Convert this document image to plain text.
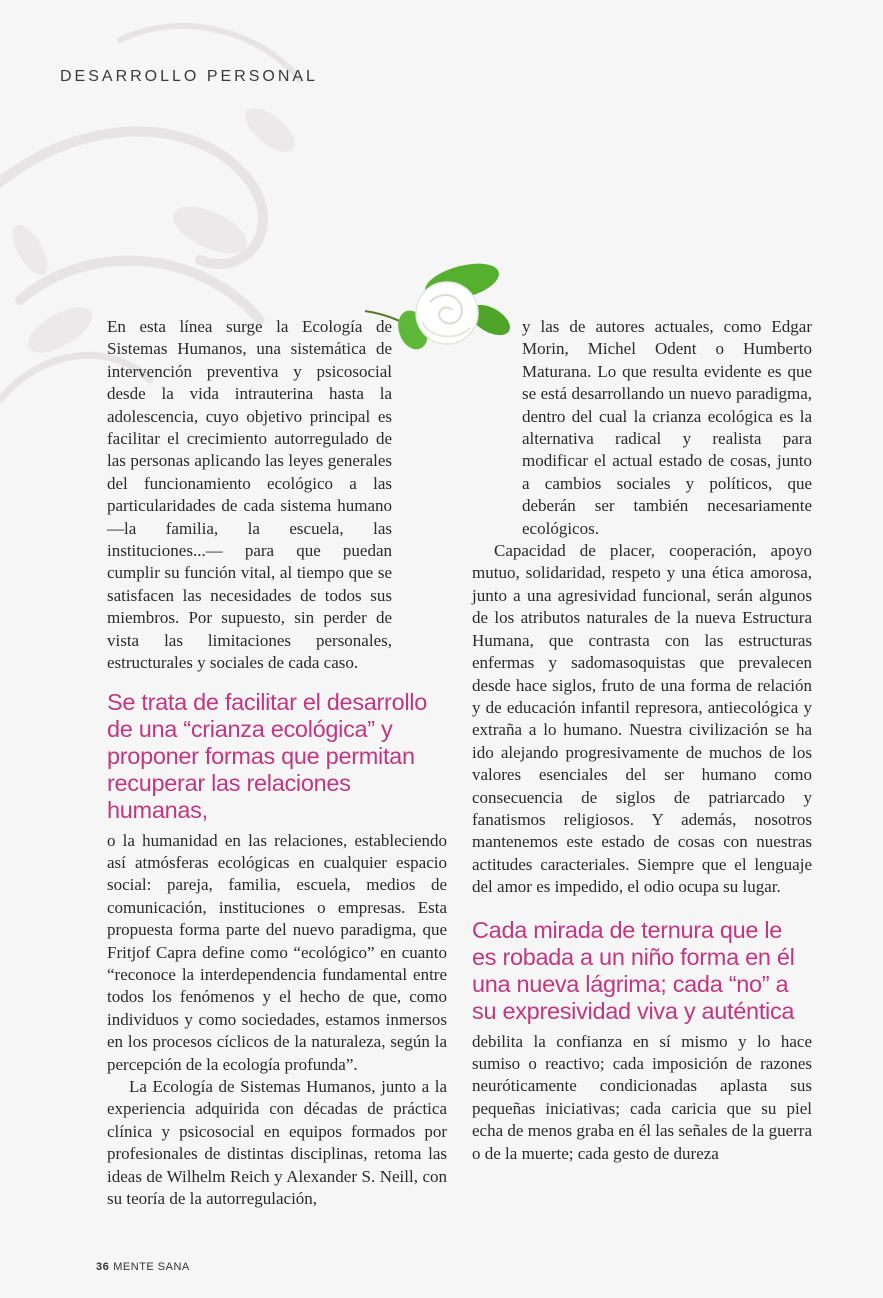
DESARROLLO PERSONAL

En esta línea surge la Ecología de Sistemas Humanos, una sistemática de intervención preventiva y psicosocial desde la vida intrauterina hasta la adolescencia, cuyo objetivo principal es facilitar el crecimiento autorregulado de las personas aplicando las leyes generales del funcionamiento ecológico a las particularidades de cada sistema humano —la familia, la escuela, las instituciones...— para que puedan cumplir su función vital, al tiempo que se satisfacen las necesidades de todos sus miembros. Por supuesto, sin perder de vista las limitaciones personales, estructurales y sociales de cada caso.

Se trata de facilitar el desarrollo de una “crianza ecológica” y proponer formas que permitan recuperar las relaciones humanas,

o la humanidad en las relaciones, estableciendo así atmósferas ecológicas en cualquier espacio social: pareja, familia, escuela, medios de comunicación, instituciones o empresas. Esta propuesta forma parte del nuevo paradigma, que Fritjof Capra define como “ecológico” en cuanto “reconoce la interdependencia fundamental entre todos los fenómenos y el hecho de que, como individuos y como sociedades, estamos inmersos en los procesos cíclicos de la naturaleza, según la percepción de la ecología profunda”.

La Ecología de Sistemas Humanos, junto a la experiencia adquirida con décadas de práctica clínica y psicosocial en equipos formados por profesionales de distintas disciplinas, retoma las ideas de Wilhelm Reich y Alexander S. Neill, con su teoría de la autorregulación,

y las de autores actuales, como Edgar Morin, Michel Odent o Humberto Maturana. Lo que resulta evidente es que se está desarrollando un nuevo paradigma, dentro del cual la crianza ecológica es la alternativa radical y realista para modificar el actual estado de cosas, junto a cambios sociales y políticos, que deberán ser también necesariamente ecológicos.

Capacidad de placer, cooperación, apoyo mutuo, solidaridad, respeto y una ética amorosa, junto a una agresividad funcional, serán algunos de los atributos naturales de la nueva Estructura Humana, que contrasta con las estructuras enfermas y sadomasoquistas que prevalecen desde hace siglos, fruto de una forma de relación y de educación infantil represora, antiecológica y extraña a lo humano. Nuestra civilización se ha ido alejando progresivamente de muchos de los valores esenciales del ser humano como consecuencia de siglos de patriarcado y fanatismos religiosos. Y además, nosotros mantenemos este estado de cosas con nuestras actitudes caracteriales. Siempre que el lenguaje del amor es impedido, el odio ocupa su lugar.

Cada mirada de ternura que le es robada a un niño forma en él una nueva lágrima; cada “no” a su expresividad viva y auténtica

debilita la confianza en sí mismo y lo hace sumiso o reactivo; cada imposición de razones neuróticamente condicionadas aplasta sus pequeñas iniciativas; cada caricia que su piel echa de menos graba en él las señales de la guerra o de la muerte; cada gesto de dureza

36 MENTE SANA
